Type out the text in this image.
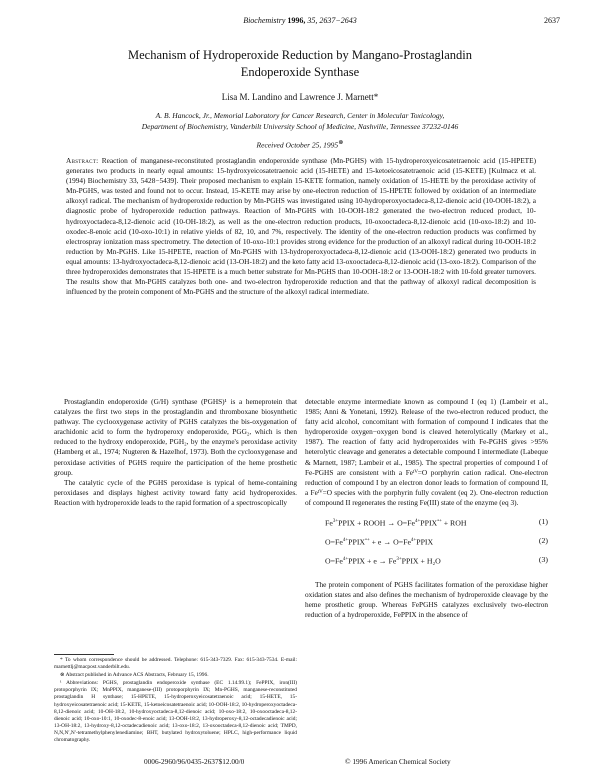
Biochemistry 1996, 35, 2637−2643	2637
Mechanism of Hydroperoxide Reduction by Mangano-Prostaglandin
Endoperoxide Synthase
Lisa M. Landino and Lawrence J. Marnett*
A. B. Hancock, Jr., Memorial Laboratory for Cancer Research, Center in Molecular Toxicology,
Department of Biochemistry, Vanderbilt University School of Medicine, Nashville, Tennessee 37232-0146
Received October 25, 1995⊗

Abstract: Reaction of manganese-reconstituted prostaglandin endoperoxide synthase (Mn-PGHS) with 15-hydroperoxyeicosatetraenoic acid (15-HPETE) generates two products in nearly equal amounts: 15-hydroxyeicosatetraenoic acid (15-HETE) and 15-ketoeicosatetraenoic acid (15-KETE) [Kulmacz et al. (1994) Biochemistry 33, 5428−5439]. Their proposed mechanism to explain 15-KETE formation, namely oxidation of 15-HETE by the peroxidase activity of Mn-PGHS, was tested and found not to occur. Instead, 15-KETE may arise by one-electron reduction of 15-HPETE followed by oxidation of an intermediate alkoxyl radical. The mechanism of hydroperoxide reduction by Mn-PGHS was investigated using 10-hydroperoxyoctadeca-8,12-dienoic acid (10-OOH-18:2), a diagnostic probe of hydroperoxide reduction pathways. Reaction of Mn-PGHS with 10-OOH-18:2 generated the two-electron reduced product, 10-hydroxyoctadeca-8,12-dienoic acid (10-OH-18:2), as well as the one-electron reduction products, 10-oxooctadeca-8,12-dienoic acid (10-oxo-18:2) and 10-oxodec-8-enoic acid (10-oxo-10:1) in relative yields of 82, 10, and 7%, respectively. The identity of the one-electron reduction products was confirmed by electrospray ionization mass spectrometry. The detection of 10-oxo-10:1 provides strong evidence for the production of an alkoxyl radical during 10-OOH-18:2 reduction by Mn-PGHS. Like 15-HPETE, reaction of Mn-PGHS with 13-hydroperoxyoctadeca-8,12-dienoic acid (13-OOH-18:2) generated two products in equal amounts: 13-hydroxyoctadeca-8,12-dienoic acid (13-OH-18:2) and the keto fatty acid 13-oxooctadeca-8,12-dienoic acid (13-oxo-18:2). Comparison of the three hydroperoxides demonstrates that 15-HPETE is a much better substrate for Mn-PGHS than 10-OOH-18:2 or 13-OOH-18:2 with 10-fold greater turnovers. The results show that Mn-PGHS catalyzes both one- and two-electron hydroperoxide reduction and that the pathway of alkoxyl radical decomposition is influenced by the protein component of Mn-PGHS and the structure of the alkoxyl radical intermediate.

Prostaglandin endoperoxide (G/H) synthase (PGHS)¹ is a hemeprotein that catalyzes the first two steps in the prostaglandin and thromboxane biosynthetic pathway. The cyclooxygenase activity of PGHS catalyzes the bis-oxygenation of arachidonic acid to form the hydroperoxy endoperoxide, PGG₂, which is then reduced to the hydroxy endoperoxide, PGH₂, by the enzyme's peroxidase activity (Hamberg et al., 1974; Nugteren & Hazelhof, 1973). Both the cyclooxygenase and peroxidase activities of PGHS require the participation of the heme prosthetic group.

The catalytic cycle of the PGHS peroxidase is typical of heme-containing peroxidases and displays highest activity toward fatty acid hydroperoxides. Reaction with hydroperoxide leads to the rapid formation of a spectroscopically

* To whom correspondence should be addressed. Telephone: 615-343-7329. Fax: 615-343-7534. E-mail: marnettlj@macpost.vanderbilt.edu.

⊗ Abstract published in Advance ACS Abstracts, February 15, 1996.

¹ Abbreviations: PGHS, prostaglandin endoperoxide synthase (EC 1.14.99.1); FePPIX, iron(III) protoporphyrin IX; MnPPIX, manganese-(III) protoporphyrin IX; Mn-PGHS, manganese-reconstituted prostaglandin H synthase; 15-HPETE, 15-hydroperoxyeicosatetraenoic acid; 15-HETE, 15-hydroxyeicosatetraenoic acid; 15-KETE, 15-ketoeicosatetraenoic acid; 10-OOH-18:2, 10-hydroperoxyoctadeca-8,12-dienoic acid; 10-OH-18:2, 10-hydroxyoctadeca-8,12-dienoic acid; 10-oxo-18:2, 10-oxooctadeca-8,12-dienoic acid; 10-oxo-10:1, 10-oxodec-8-enoic acid; 13-OOH-18:2, 13-hydroperoxy-8,12-octadecadienoic acid; 13-OH-18:2, 13-hydroxy-8,12-octadecadienoic acid; 13-oxo-18:2, 13-oxooctadeca-8,12-dienoic acid; TMPD, N,N,N′,N′-tetramethylphenylenediamine; BHT, butylated hydroxytoluene; HPLC, high-performance liquid chromatography.

detectable enzyme intermediate known as compound I (eq 1) (Lambeir et al., 1985; Anni & Yonetani, 1992). Release of the two-electron reduced product, the fatty acid alcohol, concomitant with formation of compound I indicates that the hydroperoxide oxygen−oxygen bond is cleaved heterolytically (Markey et al., 1987). The reaction of fatty acid hydroperoxides with Fe-PGHS gives >95% heterolytic cleavage and generates a detectable compound I intermediate (Labeque & Marnett, 1987; Lambeir et al., 1985). The spectral properties of compound I of Fe-PGHS are consistent with a Feᴵⱽ=O porphyrin cation radical. One-electron reduction of compound I by an electron donor leads to formation of compound II, a Feᴵⱽ=O species with the porphyrin fully covalent (eq 2). One-electron reduction of compound II regenerates the resting Fe(III) state of the enzyme (eq 3).

$Fe^{3+}PPIX$ + ROOH → $O=Fe^{4+}PPIX^{•+}$ + ROH	(1)
$O=Fe^{4+}PPIX^{•+} + e$ → $O=Fe^{4+}PPIX$	(2)
$O=Fe^{4+}PPIX + e$ → $Fe^{3+}PPIX + H_2O$	(3)

The protein component of PGHS facilitates formation of the peroxidase higher oxidation states and also defines the mechanism of hydroperoxide cleavage by the heme prosthetic group. Whereas FePGHS catalyzes exclusively two-electron reduction of a hydroperoxide, FePPIX in the absence of

0006-2960/96/0435-2637$12.00/0	© 1996 American Chemical Society
